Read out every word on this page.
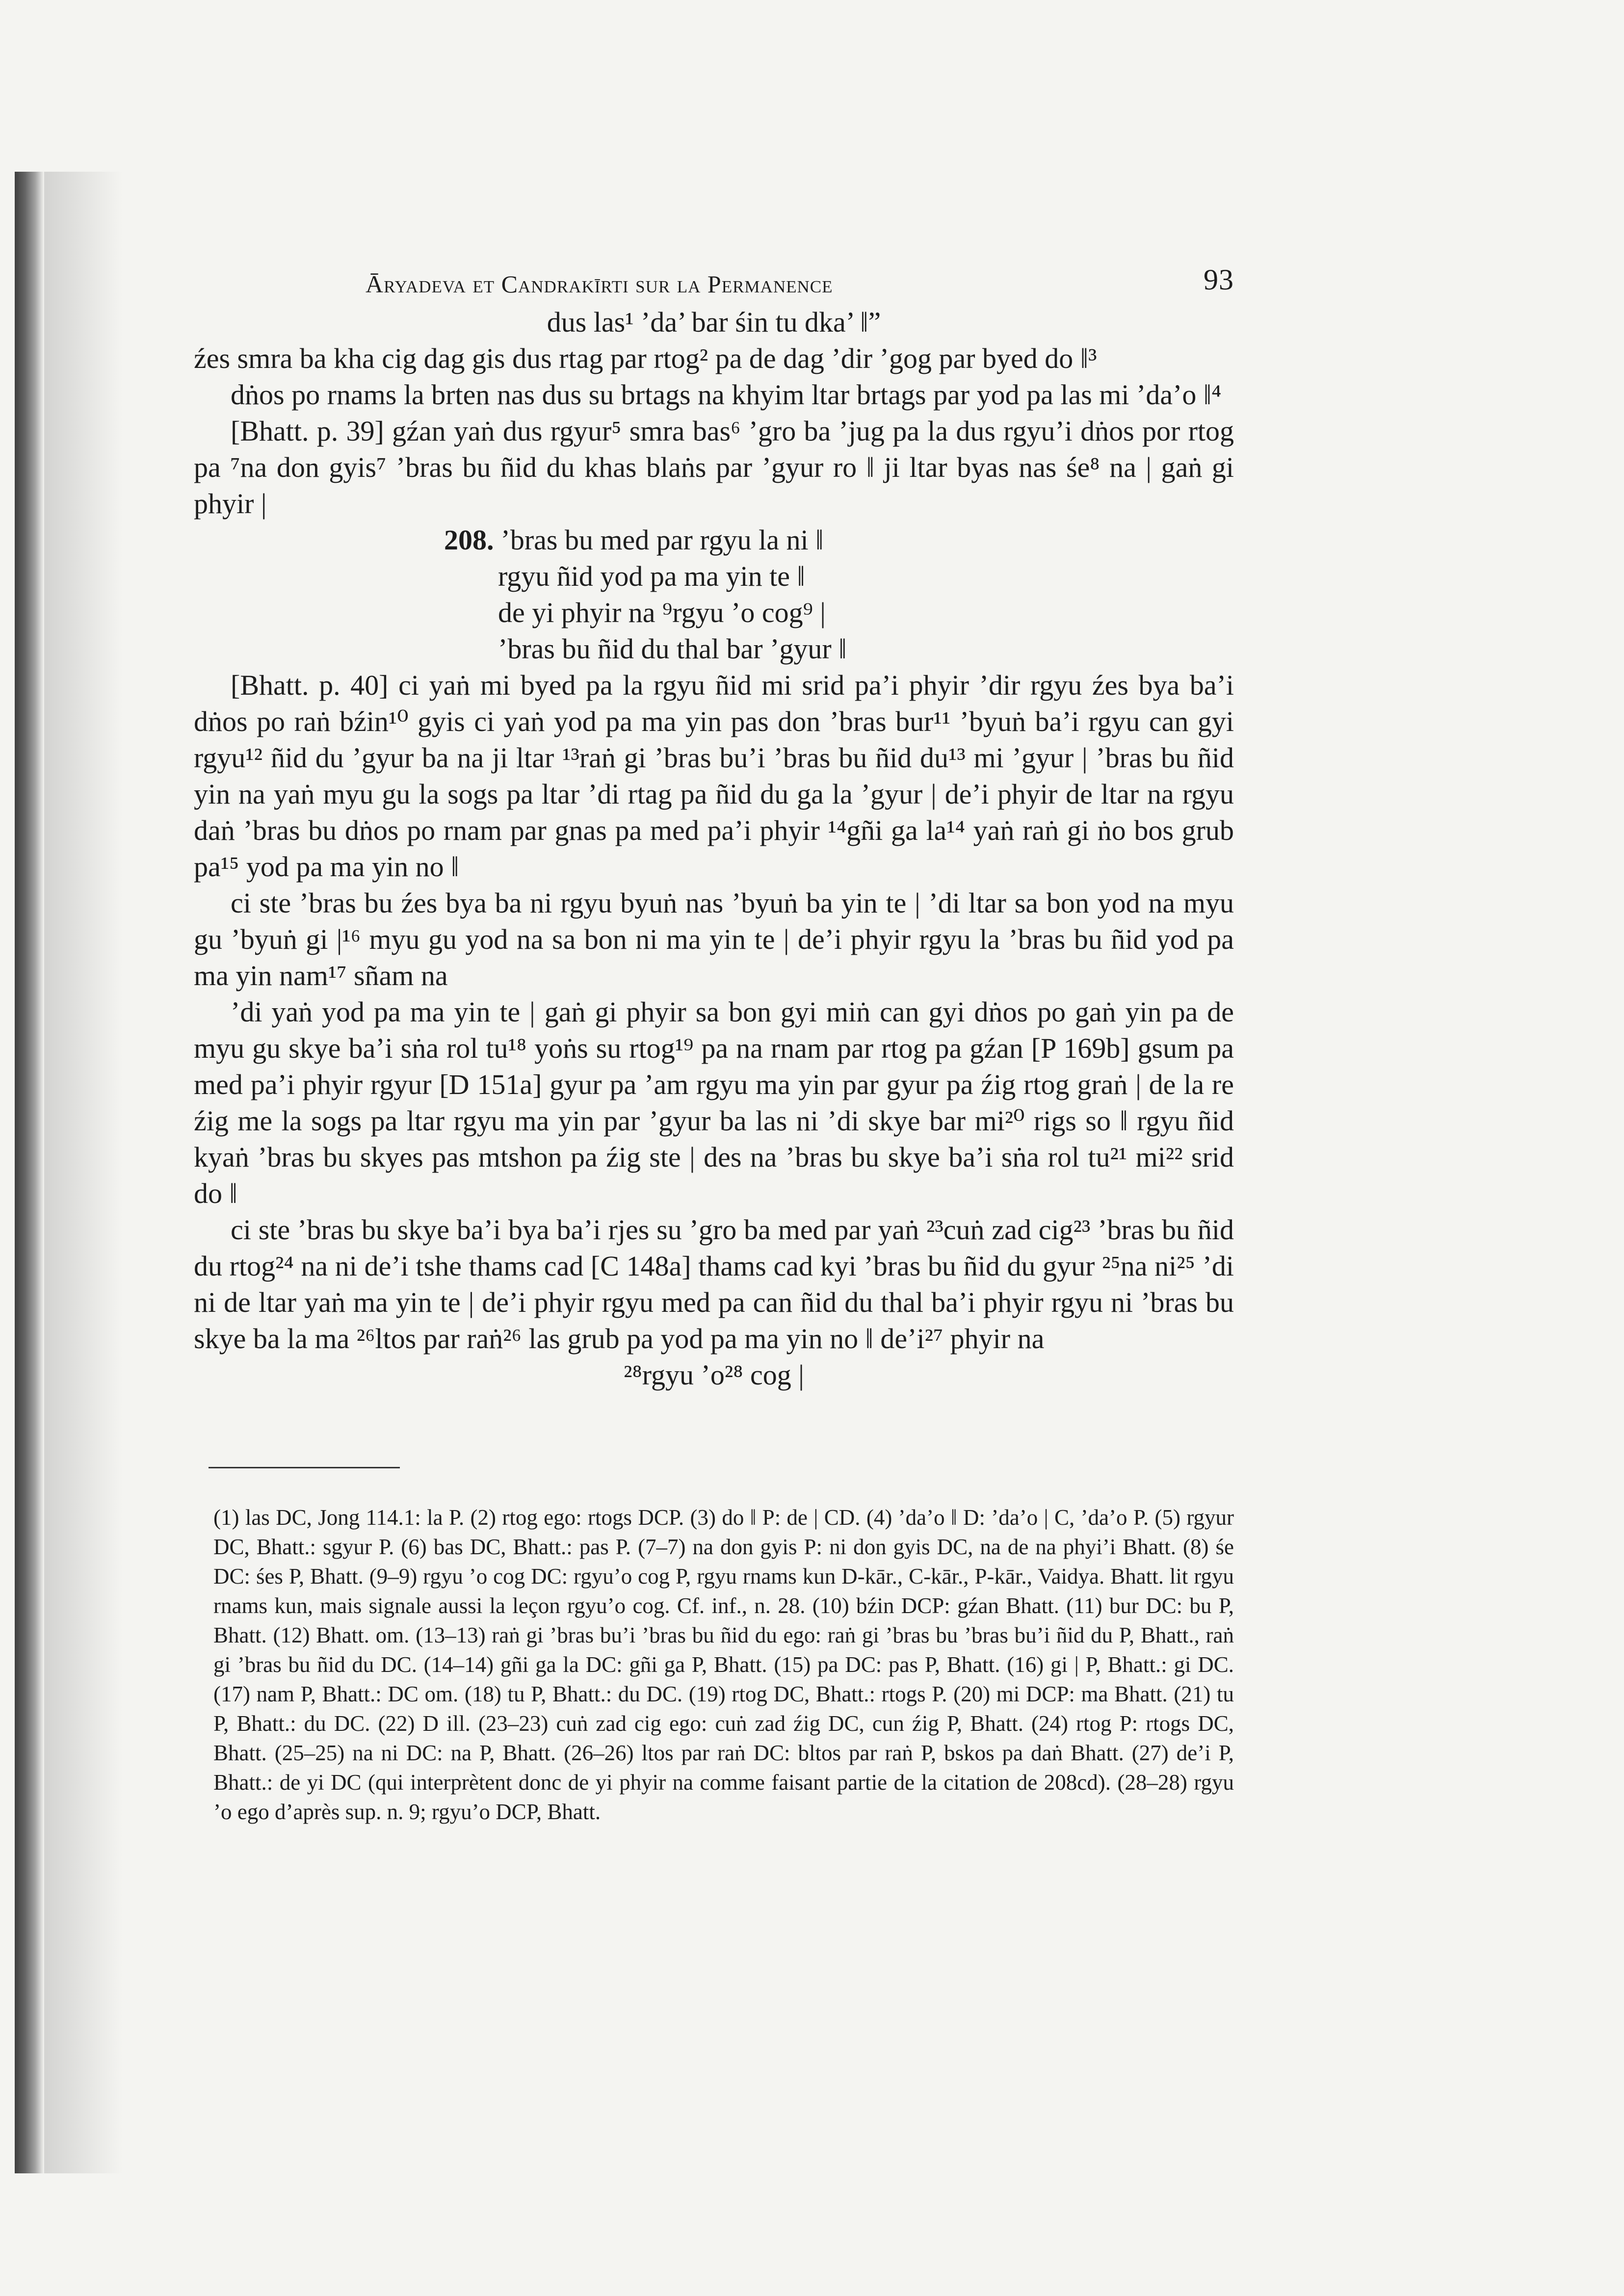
Āryadeva et Candrakīrti sur la Permanence	93

dus las¹ ’da’ bar śin tu dka’ ‖”

źes smra ba kha cig dag gis dus rtag par rtog² pa de dag ’dir ’gog par byed do ‖³

dṅos po rnams la brten nas dus su brtags na khyim ltar brtags par yod pa las mi ’da’o ‖⁴

[Bhatt. p. 39] gźan yaṅ dus rgyur⁵ smra bas⁶ ’gro ba ’jug pa la dus rgyu’i dṅos por rtog pa ⁷na don gyis⁷ ’bras bu ñid du khas blaṅs par ’gyur ro ‖ ji ltar byas nas śe⁸ na | gaṅ gi phyir |

208. ’bras bu med par rgyu la ni ‖
rgyu ñid yod pa ma yin te ‖
de yi phyir na ⁹rgyu ’o cog⁹ |
’bras bu ñid du thal bar ’gyur ‖

[Bhatt. p. 40] ci yaṅ mi byed pa la rgyu ñid mi srid pa’i phyir ’dir rgyu źes bya ba’i dṅos po raṅ bźin¹⁰ gyis ci yaṅ yod pa ma yin pas don ’bras bur¹¹ ’byuṅ ba’i rgyu can gyi rgyu¹² ñid du ’gyur ba na ji ltar ¹³raṅ gi ’bras bu’i ’bras bu ñid du¹³ mi ’gyur | ’bras bu ñid yin na yaṅ myu gu la sogs pa ltar ’di rtag pa ñid du ga la ’gyur | de’i phyir de ltar na rgyu daṅ ’bras bu dṅos po rnam par gnas pa med pa’i phyir ¹⁴gñi ga la¹⁴ yaṅ raṅ gi ṅo bos grub pa¹⁵ yod pa ma yin no ‖

ci ste ’bras bu źes bya ba ni rgyu byuṅ nas ’byuṅ ba yin te | ’di ltar sa bon yod na myu gu ’byuṅ gi |¹⁶ myu gu yod na sa bon ni ma yin te | de’i phyir rgyu la ’bras bu ñid yod pa ma yin nam¹⁷ sñam na

’di yaṅ yod pa ma yin te | gaṅ gi phyir sa bon gyi miṅ can gyi dṅos po gaṅ yin pa de myu gu skye ba’i sṅa rol tu¹⁸ yoṅs su rtog¹⁹ pa na rnam par rtog pa gźan [P 169b] gsum pa med pa’i phyir rgyur [D 151a] gyur pa ’am rgyu ma yin par gyur pa źig rtog graṅ | de la re źig me la sogs pa ltar rgyu ma yin par ’gyur ba las ni ’di skye bar mi²⁰ rigs so ‖ rgyu ñid kyaṅ ’bras bu skyes pas mtshon pa źig ste | des na ’bras bu skye ba’i sṅa rol tu²¹ mi²² srid do ‖

ci ste ’bras bu skye ba’i bya ba’i rjes su ’gro ba med par yaṅ ²³cuṅ zad cig²³ ’bras bu ñid du rtog²⁴ na ni de’i tshe thams cad [C 148a] thams cad kyi ’bras bu ñid du gyur ²⁵na ni²⁵ ’di ni de ltar yaṅ ma yin te | de’i phyir rgyu med pa can ñid du thal ba’i phyir rgyu ni ’bras bu skye ba la ma ²⁶ltos par raṅ²⁶ las grub pa yod pa ma yin no ‖ de’i²⁷ phyir na

²⁸rgyu ’o²⁸ cog |

(1) las DC, Jong 114.1: la P. (2) rtog ego: rtogs DCP. (3) do ‖ P: de | CD. (4) ’da’o ‖ D: ’da’o | C, ’da’o P. (5) rgyur DC, Bhatt.: sgyur P. (6) bas DC, Bhatt.: pas P. (7–7) na don gyis P: ni don gyis DC, na de na phyi’i Bhatt. (8) śe DC: śes P, Bhatt. (9–9) rgyu ’o cog DC: rgyu’o cog P, rgyu rnams kun D-kār., C-kār., P-kār., Vaidya. Bhatt. lit rgyu rnams kun, mais signale aussi la leçon rgyu’o cog. Cf. inf., n. 28. (10) bźin DCP: gźan Bhatt. (11) bur DC: bu P, Bhatt. (12) Bhatt. om. (13–13) raṅ gi ’bras bu’i ’bras bu ñid du ego: raṅ gi ’bras bu ’bras bu’i ñid du P, Bhatt., raṅ gi ’bras bu ñid du DC. (14–14) gñi ga la DC: gñi ga P, Bhatt. (15) pa DC: pas P, Bhatt. (16) gi | P, Bhatt.: gi DC. (17) nam P, Bhatt.: DC om. (18) tu P, Bhatt.: du DC. (19) rtog DC, Bhatt.: rtogs P. (20) mi DCP: ma Bhatt. (21) tu P, Bhatt.: du DC. (22) D ill. (23–23) cuṅ zad cig ego: cuṅ zad źig DC, cun źig P, Bhatt. (24) rtog P: rtogs DC, Bhatt. (25–25) na ni DC: na P, Bhatt. (26–26) ltos par raṅ DC: bltos par raṅ P, bskos pa daṅ Bhatt. (27) de’i P, Bhatt.: de yi DC (qui interprètent donc de yi phyir na comme faisant partie de la citation de 208cd). (28–28) rgyu ’o ego d’après sup. n. 9; rgyu’o DCP, Bhatt.
